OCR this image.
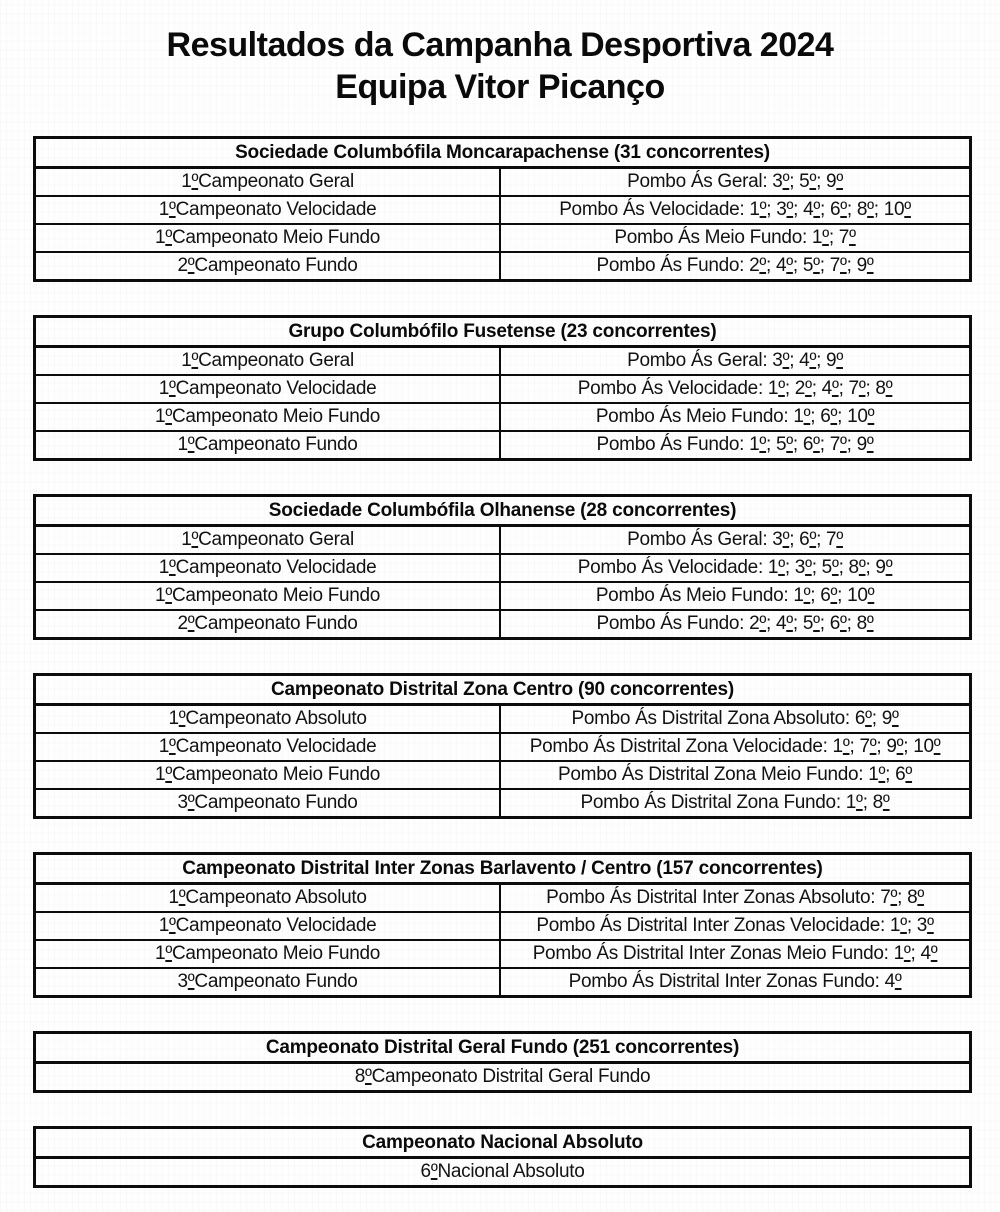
Resultados da Campanha Desportiva 2024
Equipa Vitor Picanço
Sociedade Columbófila Moncarapachense (31 concorrentes)
1 º Campeonato Geral	Pombo Ás Geral: 3 º ; 5 º ; 9 º
1 º Campeonato Velocidade	Pombo Ás Velocidade: 1 º ; 3 º ; 4 º ; 6 º ; 8 º ; 10 º
1 º Campeonato Meio Fundo	Pombo Ás Meio Fundo: 1 º ; 7 º
2 º Campeonato Fundo	Pombo Ás Fundo: 2 º ; 4 º ; 5 º ; 7 º ; 9 º
Grupo Columbófilo Fusetense (23 concorrentes)
1 º Campeonato Geral	Pombo Ás Geral: 3 º ; 4 º ; 9 º
1 º Campeonato Velocidade	Pombo Ás Velocidade: 1 º ; 2 º ; 4 º ; 7 º ; 8 º
1 º Campeonato Meio Fundo	Pombo Ás Meio Fundo: 1 º ; 6 º ; 10 º
1 º Campeonato Fundo	Pombo Ás Fundo: 1 º ; 5 º ; 6 º ; 7 º ; 9 º
Sociedade Columbófila Olhanense (28 concorrentes)
1 º Campeonato Geral	Pombo Ás Geral: 3 º ; 6 º ; 7 º
1 º Campeonato Velocidade	Pombo Ás Velocidade: 1 º ; 3 º ; 5 º ; 8 º ; 9 º
1 º Campeonato Meio Fundo	Pombo Ás Meio Fundo: 1 º ; 6 º ; 10 º
2 º Campeonato Fundo	Pombo Ás Fundo: 2 º ; 4 º ; 5 º ; 6 º ; 8 º
Campeonato Distrital Zona Centro (90 concorrentes)
1 º Campeonato Absoluto	Pombo Ás Distrital Zona Absoluto: 6 º ; 9 º
1 º Campeonato Velocidade	Pombo Ás Distrital Zona Velocidade: 1 º ; 7 º ; 9 º ; 10 º
1 º Campeonato Meio Fundo	Pombo Ás Distrital Zona Meio Fundo: 1 º ; 6 º
3 º Campeonato Fundo	Pombo Ás Distrital Zona Fundo: 1 º ; 8 º
Campeonato Distrital Inter Zonas Barlavento / Centro (157 concorrentes)
1 º Campeonato Absoluto	Pombo Ás Distrital Inter Zonas Absoluto: 7 º ; 8 º
1 º Campeonato Velocidade	Pombo Ás Distrital Inter Zonas Velocidade: 1 º ; 3 º
1 º Campeonato Meio Fundo	Pombo Ás Distrital Inter Zonas Meio Fundo: 1 º ; 4 º
3 º Campeonato Fundo	Pombo Ás Distrital Inter Zonas Fundo: 4 º
Campeonato Distrital Geral Fundo (251 concorrentes)
8 º Campeonato Distrital Geral Fundo
Campeonato Nacional Absoluto
6 º Nacional Absoluto
